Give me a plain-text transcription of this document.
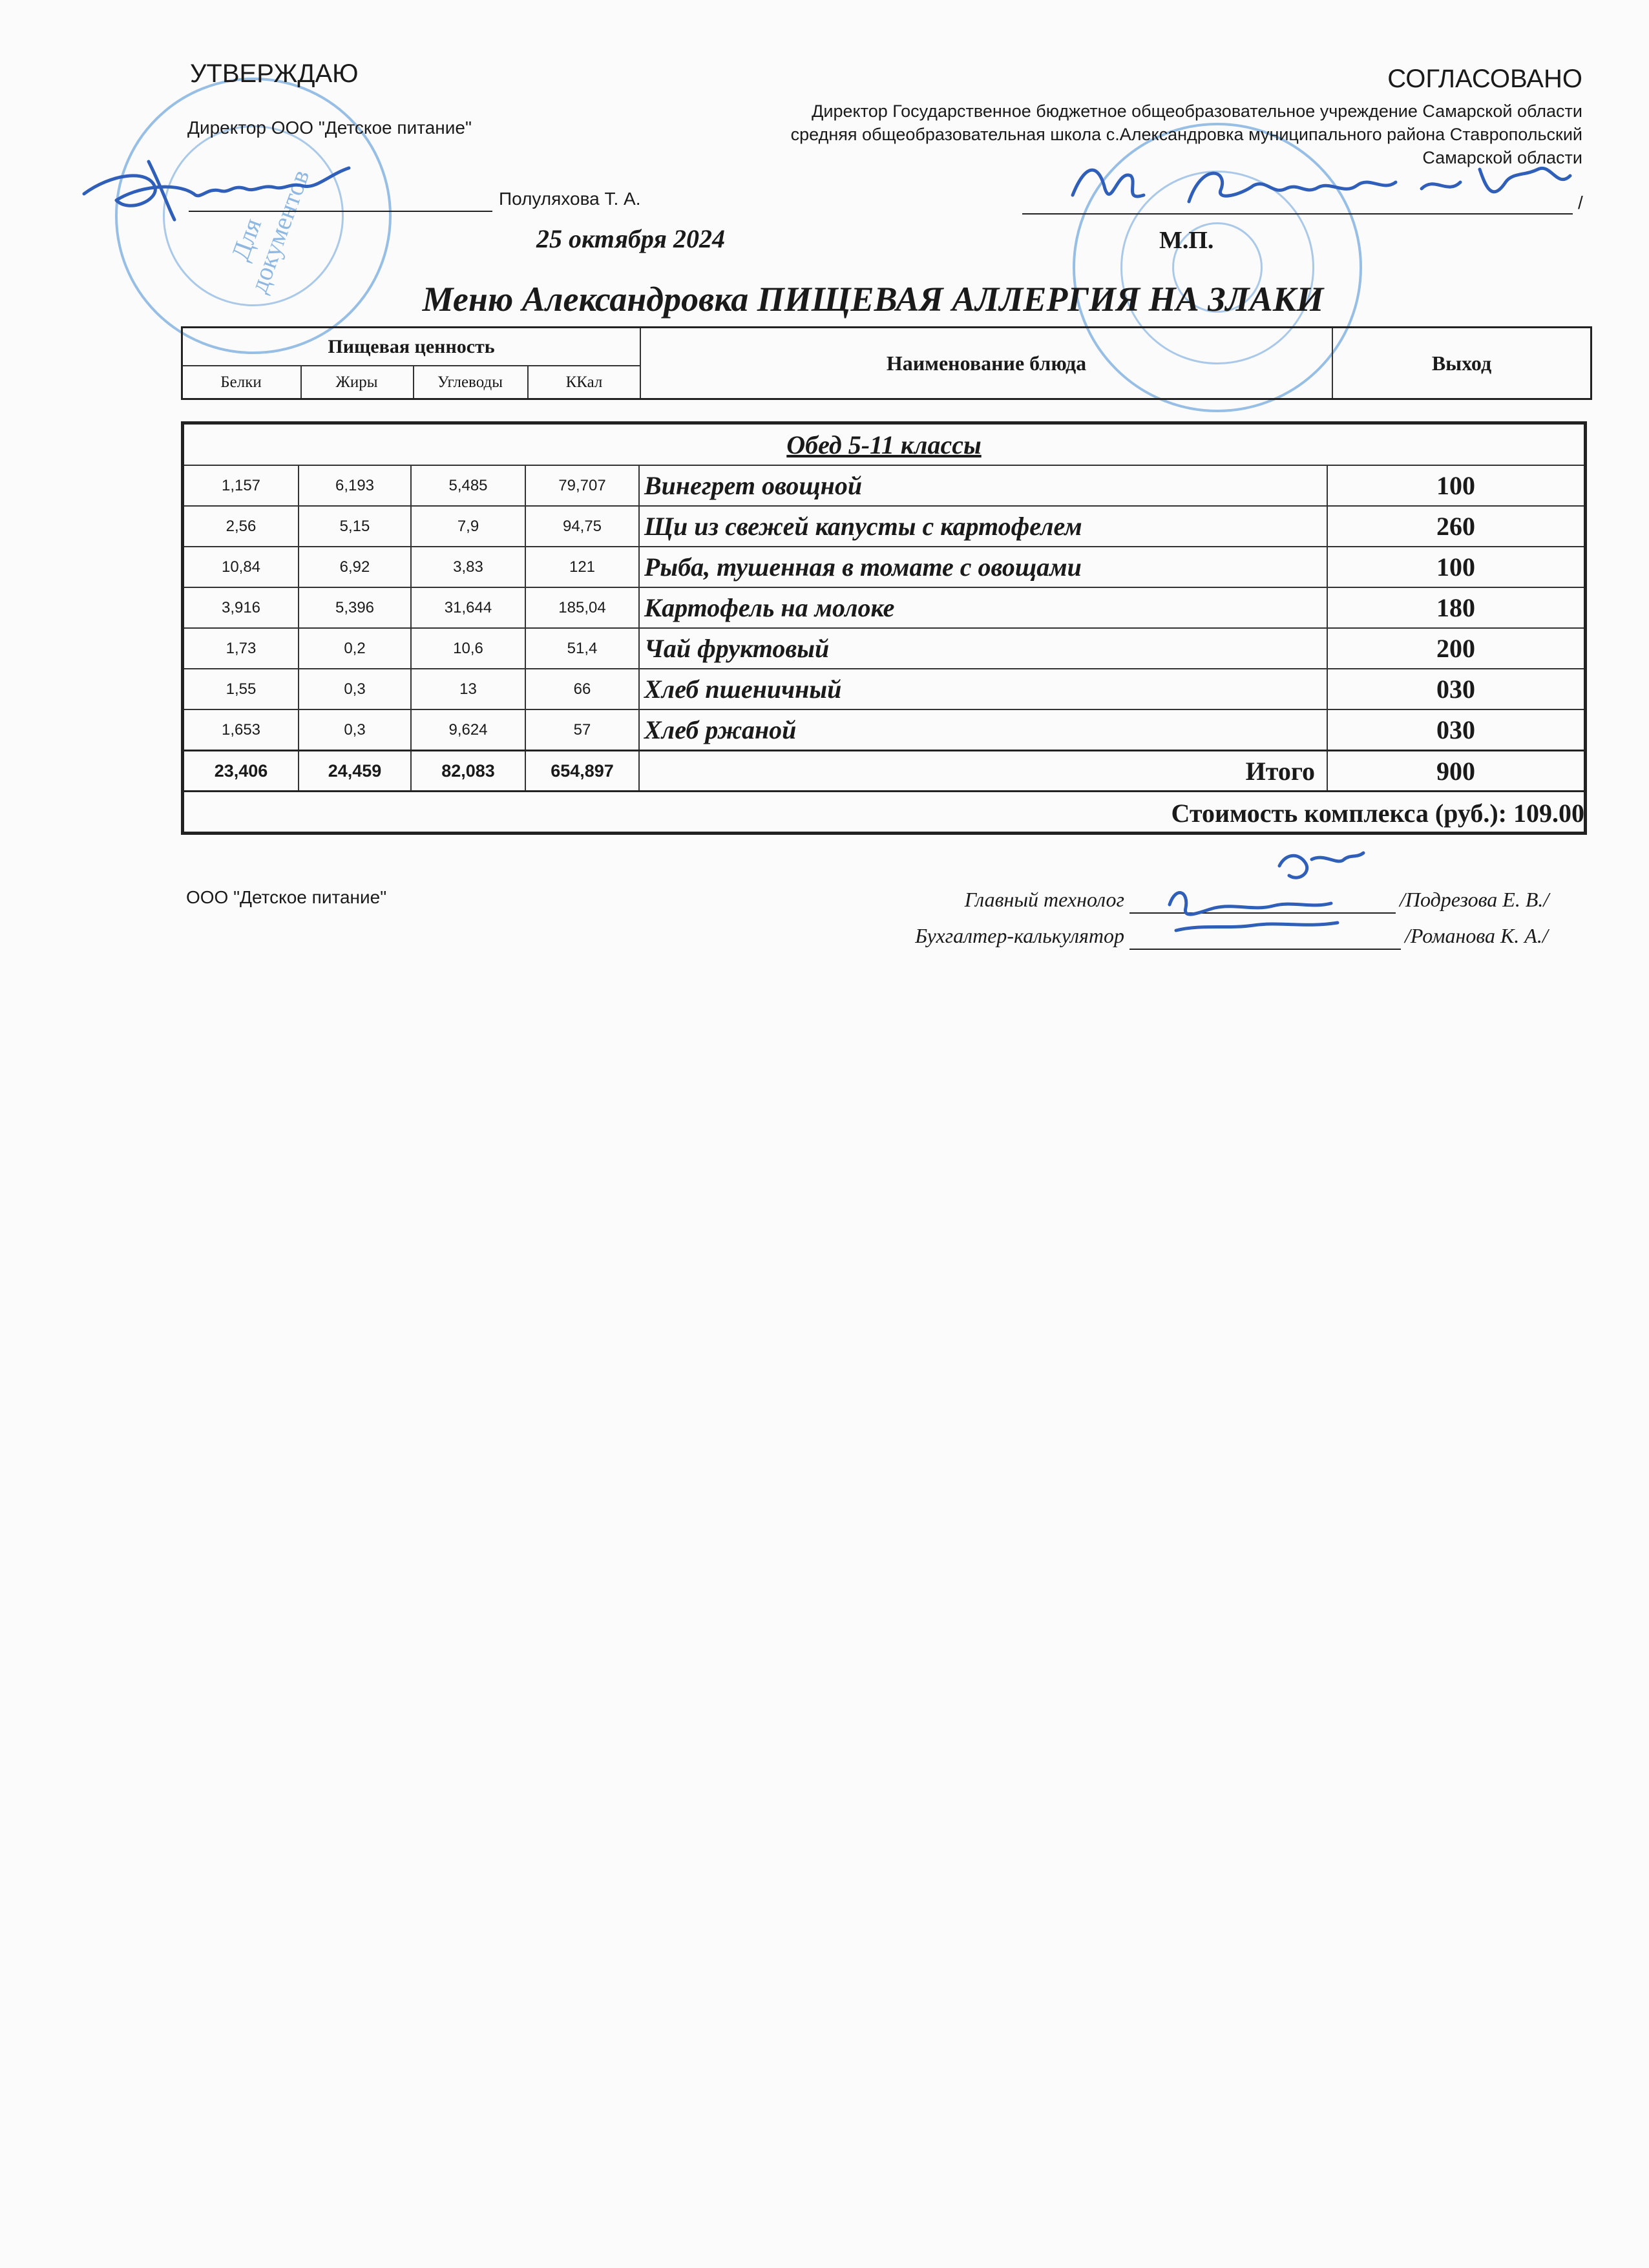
Для документов
УТВЕРЖДАЮ
Директор ООО "Детское питание"
Полуляхова Т. А.
25 октября 2024
СОГЛАСОВАНО
Директор Государственное бюджетное общеобразовательное учреждение Самарской области средняя общеобразовательная школа с.Александровка муниципального района Ставропольский Самарской области
/
М.П.
Меню Александровка ПИЩЕВАЯ АЛЛЕРГИЯ НА ЗЛАКИ
Пищевая ценность
Белки	Жиры	Углеводы	ККал
Наименование блюда	Выход
Обед 5-11 классы
1,157	6,193	5,485	79,707	Винегрет овощной	100
2,56	5,15	7,9	94,75	Щи из свежей капусты с картофелем	260
10,84	6,92	3,83	121	Рыба, тушенная в томате с овощами	100
3,916	5,396	31,644	185,04	Картофель на молоке	180
1,73	0,2	10,6	51,4	Чай фруктовый	200
1,55	0,3	13	66	Хлеб пшеничный	030
1,653	0,3	9,624	57	Хлеб ржаной	030
23,406	24,459	82,083	654,897	Итого	900
Стоимость комплекса (руб.): 109.00
ООО "Детское питание"	Главный технолог	/Подрезова Е. В./
Бухгалтер-калькулятор	/Романова К. А./
